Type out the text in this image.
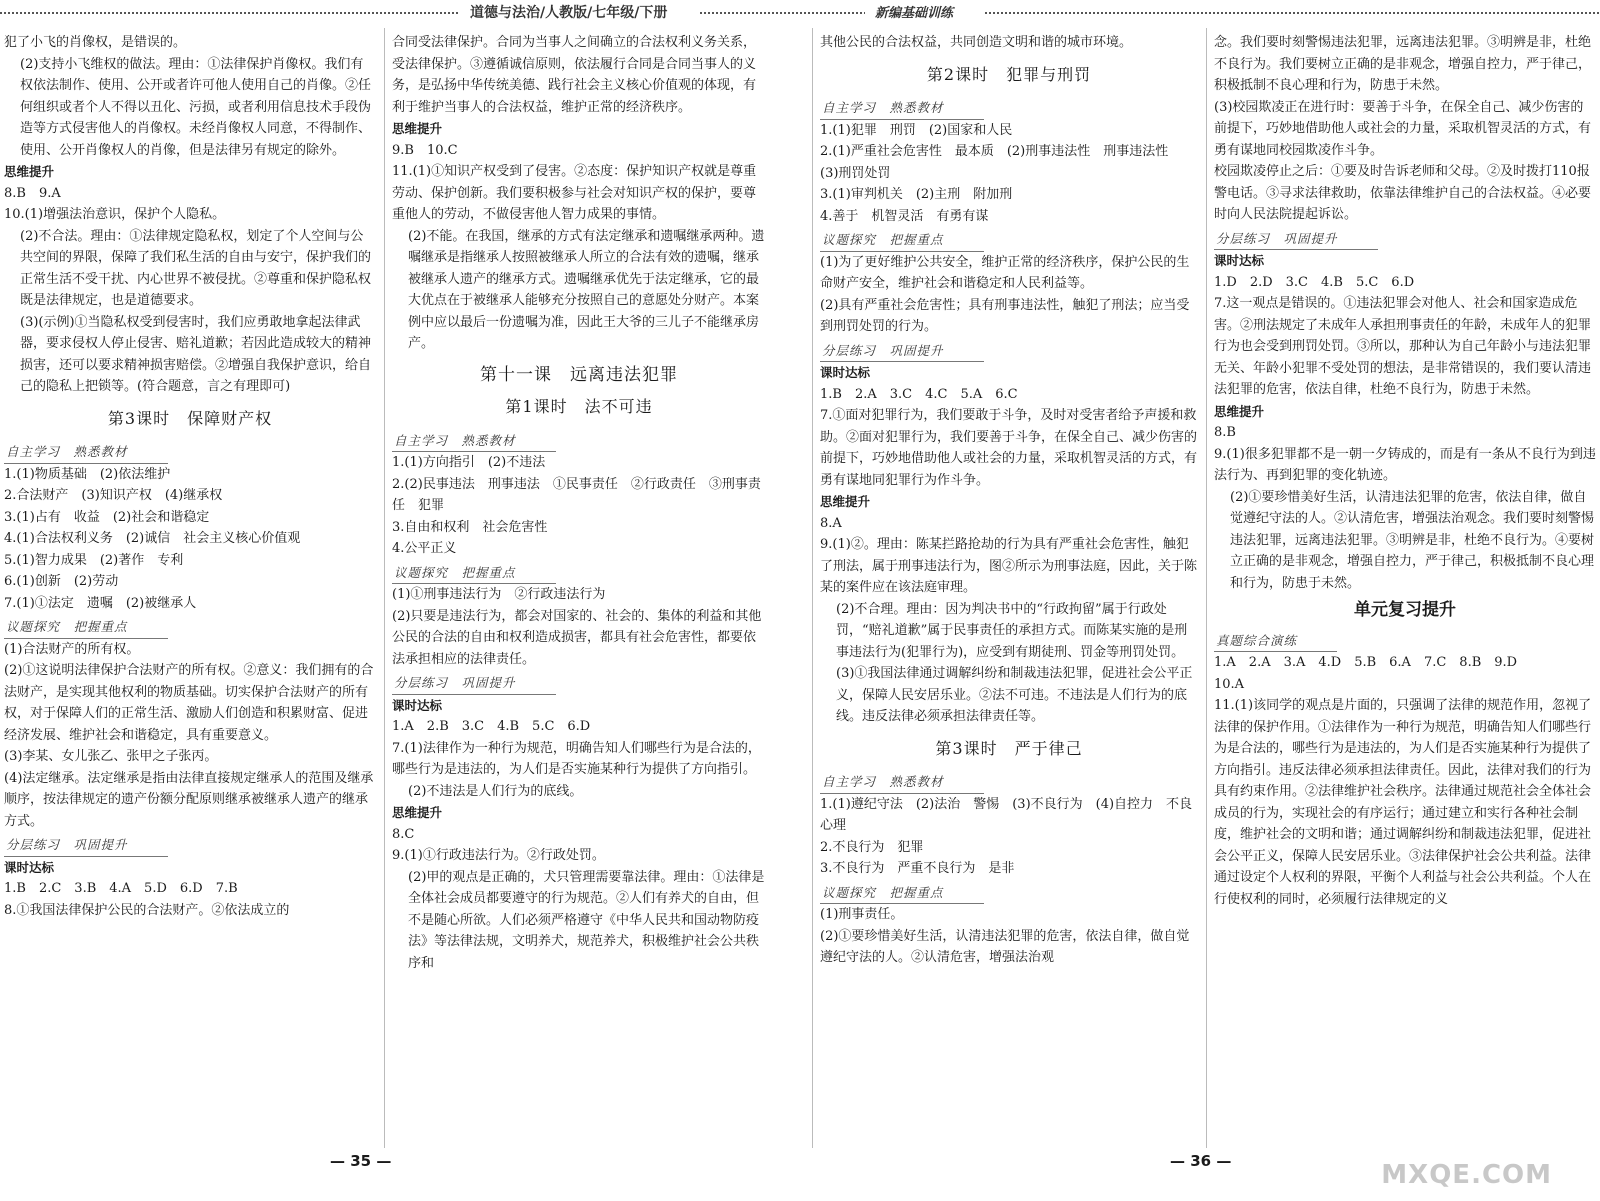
道德与法治/人教版/七年级/下册	新编基础训练

犯了小飞的肖像权，是错误的。

(2)支持小飞维权的做法。理由：①法律保护肖像权。我们有权依法制作、使用、公开或者许可他人使用自己的肖像。②任何组织或者个人不得以丑化、污损，或者利用信息技术手段伪造等方式侵害他人的肖像权。未经肖像权人同意，不得制作、使用、公开肖像权人的肖像，但是法律另有规定的除外。

思维提升

8.B　9.A

10.(1)增强法治意识，保护个人隐私。

(2)不合法。理由：①法律规定隐私权，划定了个人空间与公共空间的界限，保障了我们私生活的自由与安宁，保护我们的正常生活不受干扰、内心世界不被侵扰。②尊重和保护隐私权既是法律规定，也是道德要求。

(3)(示例)①当隐私权受到侵害时，我们应勇敢地拿起法律武器，要求侵权人停止侵害、赔礼道歉；若因此造成较大的精神损害，还可以要求精神损害赔偿。②增强自我保护意识，给自己的隐私上把锁等。(符合题意，言之有理即可)

第3课时　保障财产权

自主学习　熟悉教材

1.(1)物质基础　(2)依法维护

2.合法财产　(3)知识产权　(4)继承权

3.(1)占有　收益　(2)社会和谐稳定

4.(1)合法权利义务　(2)诚信　社会主义核心价值观

5.(1)智力成果　(2)著作　专利

6.(1)创新　(2)劳动

7.(1)①法定　遗嘱　(2)被继承人

议题探究　把握重点

(1)合法财产的所有权。

(2)①这说明法律保护合法财产的所有权。②意义：我们拥有的合法财产，是实现其他权利的物质基础。切实保护合法财产的所有权，对于保障人们的正常生活、激励人们创造和积累财富、促进经济发展、维护社会和谐稳定，具有重要意义。

(3)李某、女儿张乙、张甲之子张丙。

(4)法定继承。法定继承是指由法律直接规定继承人的范围及继承顺序，按法律规定的遗产份额分配原则继承被继承人遗产的继承方式。

分层练习　巩固提升

课时达标

1.B　2.C　3.B　4.A　5.D　6.D　7.B

8.①我国法律保护公民的合法财产。②依法成立的

合同受法律保护。合同为当事人之间确立的合法权利义务关系，受法律保护。③遵循诚信原则，依法履行合同是合同当事人的义务，是弘扬中华传统美德、践行社会主义核心价值观的体现，有利于维护当事人的合法权益，维护正常的经济秩序。

思维提升

9.B　10.C

11.(1)①知识产权受到了侵害。②态度：保护知识产权就是尊重劳动、保护创新。我们要积极参与社会对知识产权的保护，要尊重他人的劳动，不做侵害他人智力成果的事情。

(2)不能。在我国，继承的方式有法定继承和遗嘱继承两种。遗嘱继承是指继承人按照被继承人所立的合法有效的遗嘱，继承被继承人遗产的继承方式。遗嘱继承优先于法定继承，它的最大优点在于被继承人能够充分按照自己的意愿处分财产。本案例中应以最后一份遗嘱为准，因此王大爷的三儿子不能继承房产。

第十一课　远离违法犯罪

第1课时　法不可违

自主学习　熟悉教材

1.(1)方向指引　(2)不违法

2.(2)民事违法　刑事违法　①民事责任　②行政责任　③刑事责任　犯罪

3.自由和权利　社会危害性

4.公平正义

议题探究　把握重点

(1)①刑事违法行为　②行政违法行为

(2)只要是违法行为，都会对国家的、社会的、集体的利益和其他公民的合法的自由和权利造成损害，都具有社会危害性，都要依法承担相应的法律责任。

分层练习　巩固提升

课时达标

1.A　2.B　3.C　4.B　5.C　6.D

7.(1)法律作为一种行为规范，明确告知人们哪些行为是合法的，哪些行为是违法的，为人们是否实施某种行为提供了方向指引。

(2)不违法是人们行为的底线。

思维提升

8.C

9.(1)①行政违法行为。②行政处罚。

(2)甲的观点是正确的，犬只管理需要靠法律。理由：①法律是全体社会成员都要遵守的行为规范。②人们有养犬的自由，但不是随心所欲。人们必须严格遵守《中华人民共和国动物防疫法》等法律法规，文明养犬，规范养犬，积极维护社会公共秩序和

其他公民的合法权益，共同创造文明和谐的城市环境。

第2课时　犯罪与刑罚

自主学习　熟悉教材

1.(1)犯罪　刑罚　(2)国家和人民

2.(1)严重社会危害性　最本质　(2)刑事违法性　刑事违法性　(3)刑罚处罚

3.(1)审判机关　(2)主刑　附加刑

4.善于　机智灵活　有勇有谋

议题探究　把握重点

(1)为了更好维护公共安全，维护正常的经济秩序，保护公民的生命财产安全，维护社会和谐稳定和人民利益等。

(2)具有严重社会危害性；具有刑事违法性，触犯了刑法；应当受到刑罚处罚的行为。

分层练习　巩固提升

课时达标

1.B　2.A　3.C　4.C　5.A　6.C

7.①面对犯罪行为，我们要敢于斗争，及时对受害者给予声援和救助。②面对犯罪行为，我们要善于斗争，在保全自己、减少伤害的前提下，巧妙地借助他人或社会的力量，采取机智灵活的方式，有勇有谋地同犯罪行为作斗争。

思维提升

8.A

9.(1)②。理由：陈某拦路抢劫的行为具有严重社会危害性，触犯了刑法，属于刑事违法行为，图②所示为刑事法庭，因此，关于陈某的案件应在该法庭审理。

(2)不合理。理由：因为判决书中的“行政拘留”属于行政处罚，“赔礼道歉”属于民事责任的承担方式。而陈某实施的是刑事违法行为(犯罪行为)，应受到有期徒刑、罚金等刑罚处罚。

(3)①我国法律通过调解纠纷和制裁违法犯罪，促进社会公平正义，保障人民安居乐业。②法不可违。不违法是人们行为的底线。违反法律必须承担法律责任等。

第3课时　严于律己

自主学习　熟悉教材

1.(1)遵纪守法　(2)法治　警惕　(3)不良行为　(4)自控力　不良心理

2.不良行为　犯罪

3.不良行为　严重不良行为　是非

议题探究　把握重点

(1)刑事责任。

(2)①要珍惜美好生活，认清违法犯罪的危害，依法自律，做自觉遵纪守法的人。②认清危害，增强法治观

念。我们要时刻警惕违法犯罪，远离违法犯罪。③明辨是非，杜绝不良行为。我们要树立正确的是非观念，增强自控力，严于律己，积极抵制不良心理和行为，防患于未然。

(3)校园欺凌正在进行时：要善于斗争，在保全自己、减少伤害的前提下，巧妙地借助他人或社会的力量，采取机智灵活的方式，有勇有谋地同校园欺凌作斗争。

校园欺凌停止之后：①要及时告诉老师和父母。②及时拨打110报警电话。③寻求法律救助，依靠法律维护自己的合法权益。④必要时向人民法院提起诉讼。

分层练习　巩固提升

课时达标

1.D　2.D　3.C　4.B　5.C　6.D

7.这一观点是错误的。①违法犯罪会对他人、社会和国家造成危害。②刑法规定了未成年人承担刑事责任的年龄，未成年人的犯罪行为也会受到刑罚处罚。③所以，那种认为自己年龄小与违法犯罪无关、年龄小犯罪不受处罚的想法，是非常错误的，我们要认清违法犯罪的危害，依法自律，杜绝不良行为，防患于未然。

思维提升

8.B

9.(1)很多犯罪都不是一朝一夕铸成的，而是有一条从不良行为到违法行为、再到犯罪的变化轨迹。

(2)①要珍惜美好生活，认清违法犯罪的危害，依法自律，做自觉遵纪守法的人。②认清危害，增强法治观念。我们要时刻警惕违法犯罪，远离违法犯罪。③明辨是非，杜绝不良行为。④要树立正确的是非观念，增强自控力，严于律己，积极抵制不良心理和行为，防患于未然。

单元复习提升

真题综合演练

1.A　2.A　3.A　4.D　5.B　6.A　7.C　8.B　9.D

10.A

11.(1)该同学的观点是片面的，只强调了法律的规范作用，忽视了法律的保护作用。①法律作为一种行为规范，明确告知人们哪些行为是合法的，哪些行为是违法的，为人们是否实施某种行为提供了方向指引。违反法律必须承担法律责任。因此，法律对我们的行为具有约束作用。②法律维护社会秩序。法律通过规范社会全体社会成员的行为，实现社会的有序运行；通过建立和实行各种社会制度，维护社会的文明和谐；通过调解纠纷和制裁违法犯罪，促进社会公平正义，保障人民安居乐业。③法律保护社会公共利益。法律通过设定个人权利的界限，平衡个人利益与社会公共利益。个人在行使权利的同时，必须履行法律规定的义

— 35 —	— 36 —	MXQE.COM
